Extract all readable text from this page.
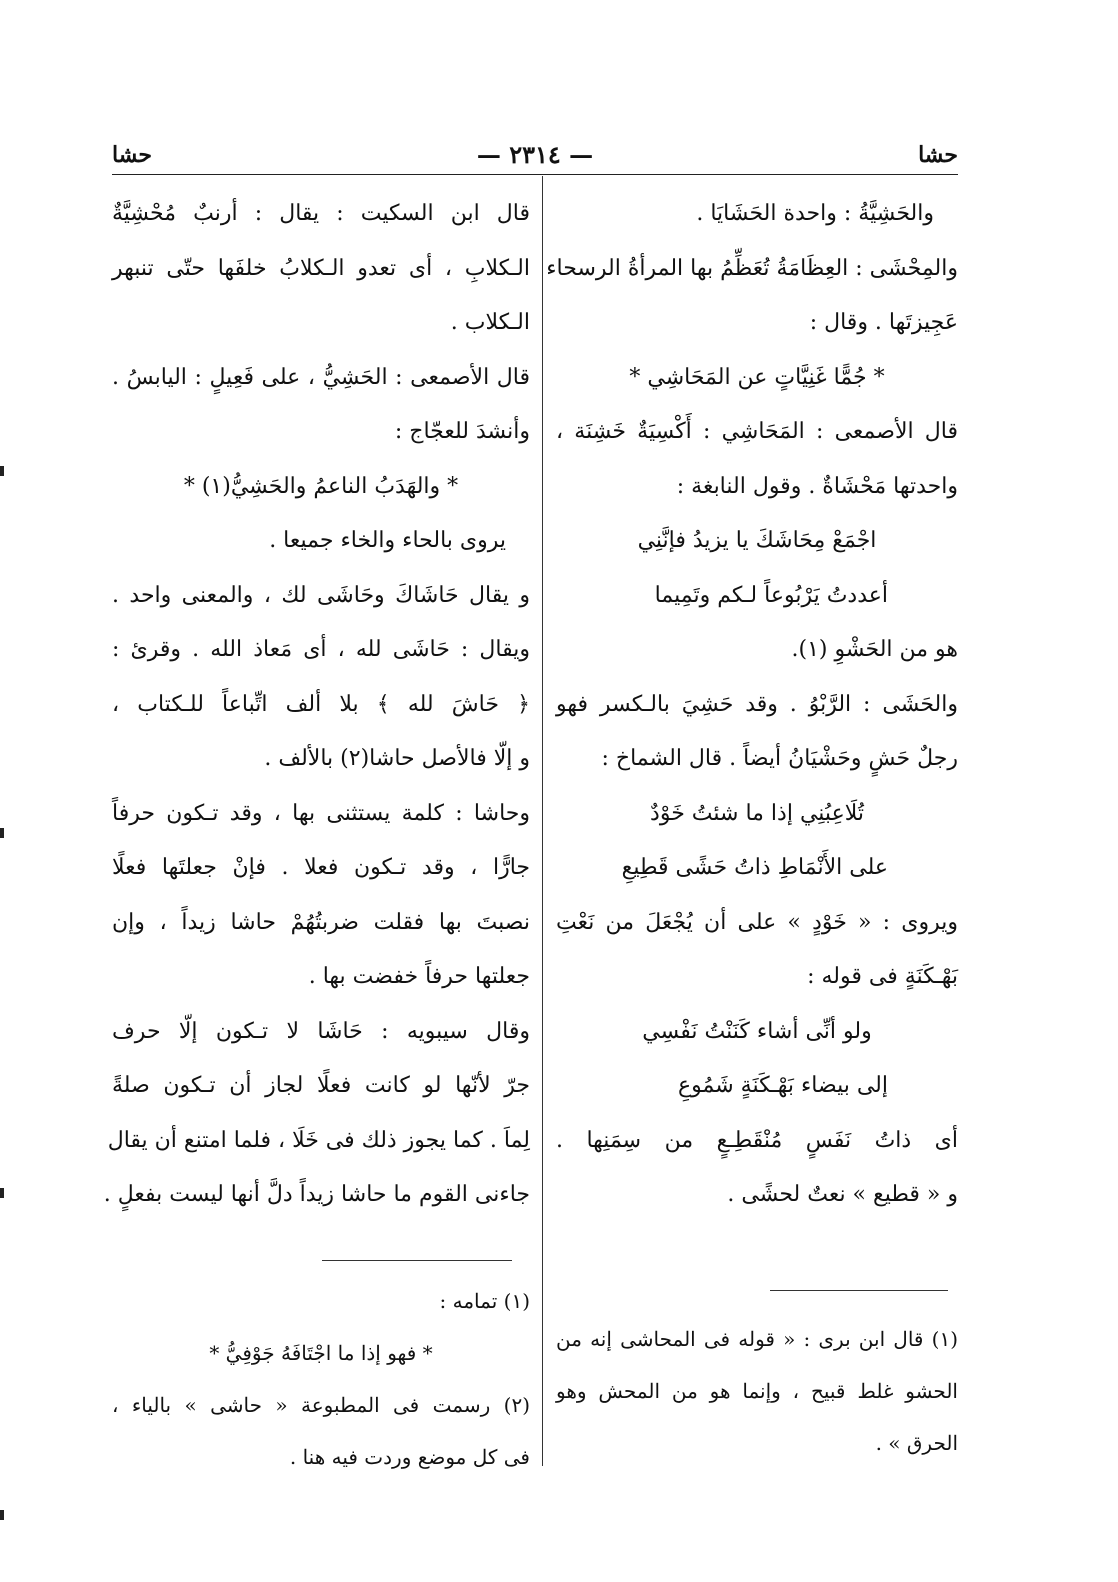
حشا
— ٢٣١٤ —
حشا
والحَشِيَّةُ : واحدة الحَشَايَا .
والمِحْشَى : العِظَامَةُ تُعَظِّمُ بها المرأةُ الرسحاء
عَجِيزتَها . وقال :
* جُمًّا غَنِيَّاتٍ عن المَحَاشِي *
قال الأصمعى : المَحَاشِي : أَكْسِيَةٌ خَشِنَة ،
واحدتها مَحْشَاةٌ . وقول النابغة :
اجْمَعْ مِحَاشَكَ يا يزيدُ فإنَّنِي
أعددتُ يَرْبُوعاً لـكم وتَمِيما
هو من الحَشْوِ (١).
والحَشَى : الرَّبْوُ . وقد حَشِيَ بالـكسر فهو
رجلٌ حَشٍ وحَشْيَانُ أيضاً . قال الشماخ :
تُلَاعِبُنِي إذا ما شئتُ خَوْدٌ
على الأَنْمَاطِ ذاتُ حَشًى قَطِيعِ
ويروى : « خَوْدٍ » على أن يُجْعَلَ من نَعْتِ
بَهْـكَنَةٍ فى قوله :
ولو أنِّى أشاء كَنَنْتُ نَفْسِي
إلى بيضاء بَهْـكَنَةٍ شَمُوعِ
أى ذاتُ نَفَسٍ مُنْقَطِـعٍ من سِمَنِها .
و « قطيع » نعتٌ لحشًى .
قال ابن السكيت : يقال : أرنبٌ مُحْشِيَّةٌ
الـكلابِ ، أى تعدو الـكلابُ خلفَها حتّى تنبهر
الـكلاب .
قال الأصمعى : الحَشِيُّ ، على فَعِيلٍ : اليابسُ .
وأنشدَ للعجّاج :
* والهَدَبُ الناعمُ والحَشِيُّ(١) *
يروى بالحاء والخاء جميعا .
و يقال حَاشَاكَ وحَاشَى لك ، والمعنى واحد .
ويقال : حَاشَى لله ، أى مَعاذ الله . وقرئ :
﴿ حَاشَ لله ﴾ بلا ألف اتِّباعاً للـكتاب ،
و إلّا فالأصل حاشا(٢) بالألف .
وحاشا : كلمة يستثنى بها ، وقد تـكون حرفاً
جارًّا ، وقد تـكون فعلا . فإنْ جعلتَها فعلًا
نصبتَ بها فقلت ضربتُهُمْ حاشا زيداً ، وإن
جعلتها حرفاً خفضت بها .
وقال سيبويه : حَاشَا لا تـكون إلّا حرف
جرّ لأنّها لو كانت فعلًا لجاز أن تـكون صلةً
لِماَ . كما يجوز ذلك فى خَلَا ، فلما امتنع أن يقال
جاءنى القوم ما حاشا زيداً دلَّ أنها ليست بفعلٍ .
(١) قال ابن برى : « قوله فى المحاشى إنه من
الحشو غلط قبيح ، وإنما هو من المحش وهو
الحرق » .
(١) تمامه :
* فهو إذا ما اجْتَافَهُ جَوْفِيُّ *
(٢) رسمت فى المطبوعة « حاشى » بالياء ،
فى كل موضع وردت فيه هنا .
